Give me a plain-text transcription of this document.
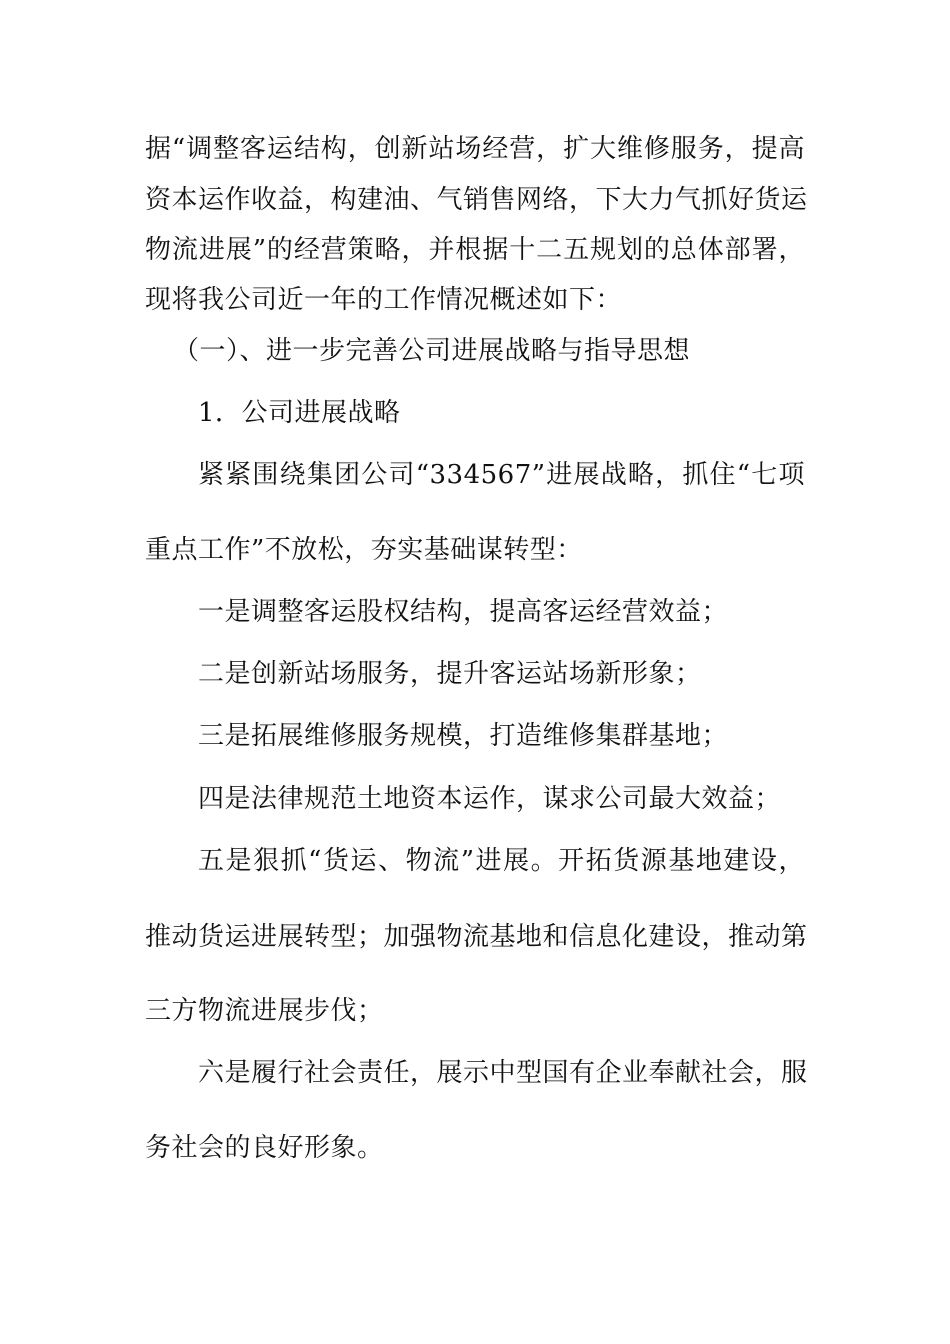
据“调整客运结构，创新站场经营，扩大维修服务，提高
资本运作收益，构建油、气销售网络，下大力气抓好货运
物流进展”的经营策略，并根据十二五规划的总体部署，
现将我公司近一年的工作情况概述如下：
（一）、进一步完善公司进展战略与指导思想
1．公司进展战略
紧紧围绕集团公司“334567”进展战略，抓住“七项
重点工作”不放松，夯实基础谋转型：
一是调整客运股权结构，提高客运经营效益；
二是创新站场服务，提升客运站场新形象；
三是拓展维修服务规模，打造维修集群基地；
四是法律规范土地资本运作，谋求公司最大效益；
五是狠抓“货运、物流”进展。开拓货源基地建设，
推动货运进展转型；加强物流基地和信息化建设，推动第
三方物流进展步伐；
六是履行社会责任，展示中型国有企业奉献社会，服
务社会的良好形象。
